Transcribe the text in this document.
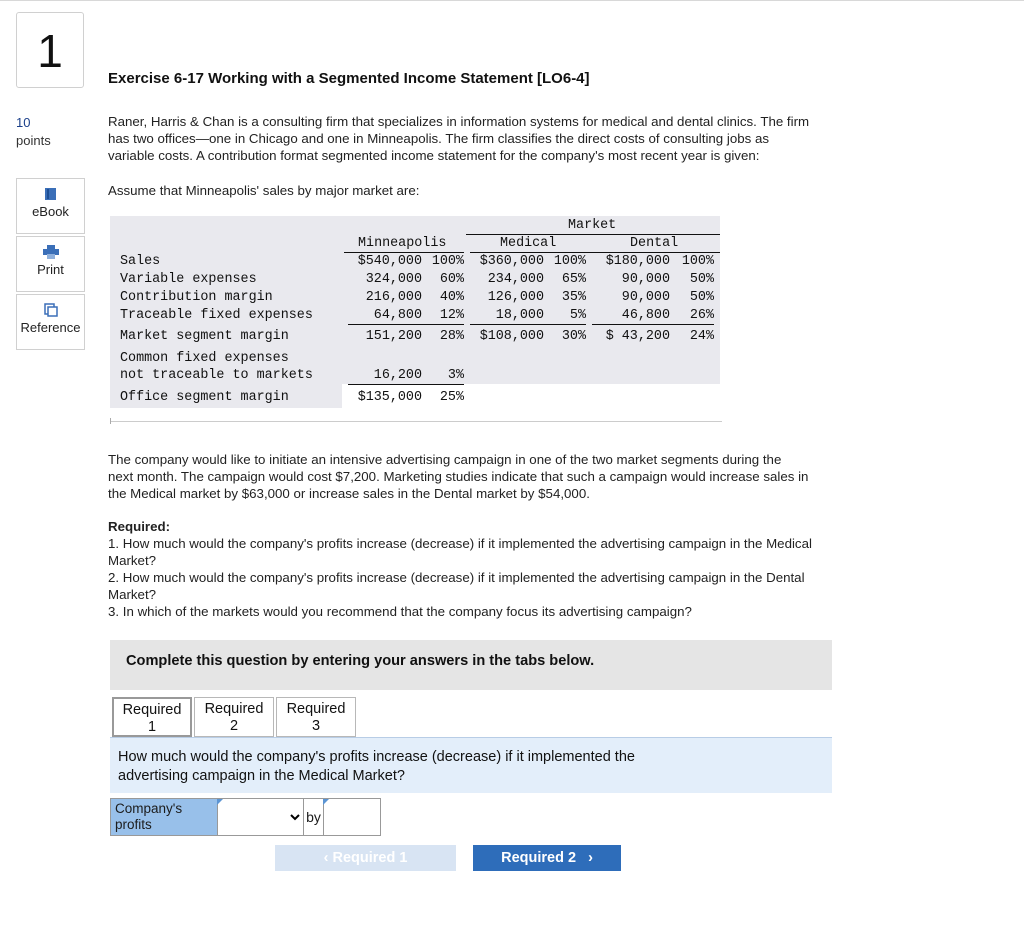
1
10
points
eBook
Print
Reference
Exercise 6-17 Working with a Segmented Income Statement [LO6-4]
Raner, Harris & Chan is a consulting firm that specializes in information systems for medical and dental clinics. The firm
has two offices—one in Chicago and one in Minneapolis. The firm classifies the direct costs of consulting jobs as
variable costs. A contribution format segmented income statement for the company's most recent year is given:
Assume that Minneapolis' sales by major market are:
Market
Minneapolis	Medical	Dental
Sales	$540,000 100%	$360,000 100%	$180,000 100%
Variable expenses	324,000	60%	234,000	65%	90,000	50%
Contribution margin	216,000	40%	126,000	35%	90,000	50%
Traceable fixed expenses	64,800	12%	18,000	5%	46,800	26%
Market segment margin	151,200	28%	$108,000	30%	$ 43,200	24%
Common fixed expenses
not traceable to markets	16,200	3%
Office segment margin	$135,000	25%
The company would like to initiate an intensive advertising campaign in one of the two market segments during the
next month. The campaign would cost $7,200. Marketing studies indicate that such a campaign would increase sales in
the Medical market by $63,000 or increase sales in the Dental market by $54,000.
Required:
1. How much would the company's profits increase (decrease) if it implemented the advertising campaign in the Medical
Market?
2. How much would the company's profits increase (decrease) if it implemented the advertising campaign in the Dental
Market?
3. In which of the markets would you recommend that the company focus its advertising campaign?
Complete this question by entering your answers in the tabs below.
Required
1
Required
2
Required
3
How much would the company's profits increase (decrease) if it implemented the
advertising campaign in the Medical Market?
Company's
profits	by
‹ Required 1	Required 2 ›
